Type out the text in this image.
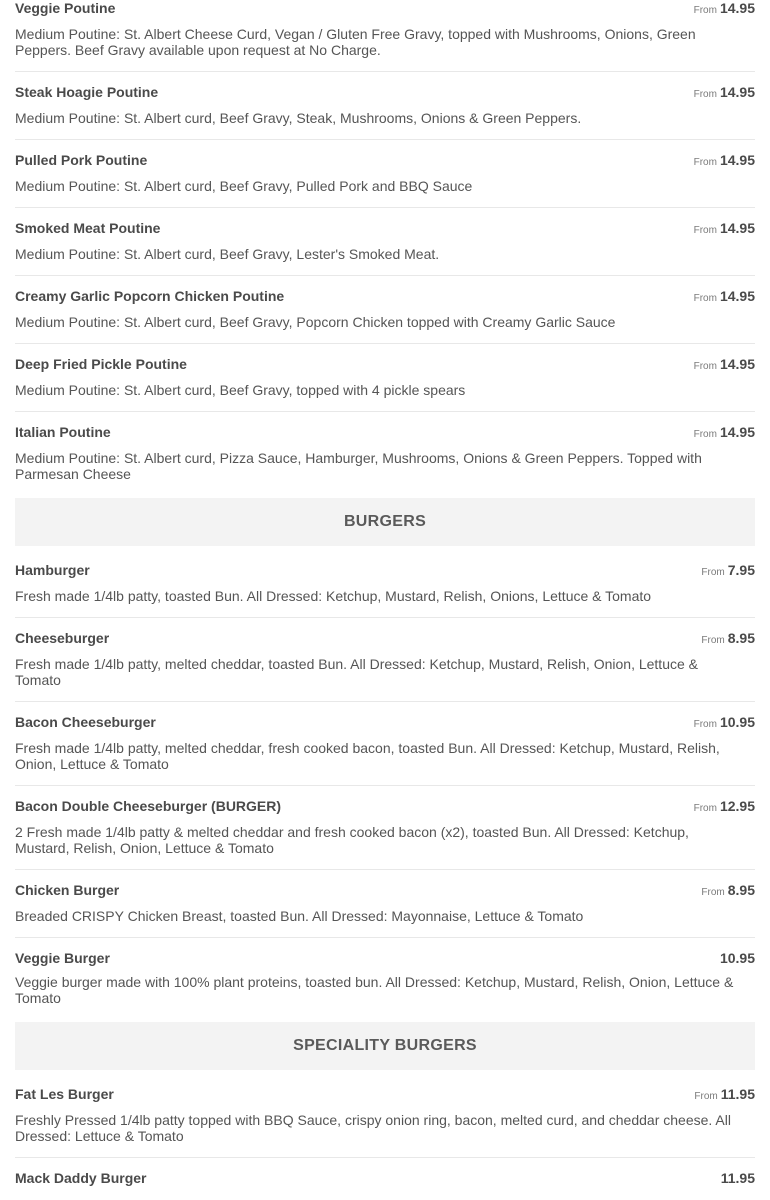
Veggie Poutine	From 14.95
Medium Poutine: St. Albert Cheese Curd, Vegan / Gluten Free Gravy, topped with Mushrooms, Onions, Green Peppers. Beef Gravy available upon request at No Charge.
Steak Hoagie Poutine	From 14.95
Medium Poutine: St. Albert curd, Beef Gravy, Steak, Mushrooms, Onions & Green Peppers.
Pulled Pork Poutine	From 14.95
Medium Poutine: St. Albert curd, Beef Gravy, Pulled Pork and BBQ Sauce
Smoked Meat Poutine	From 14.95
Medium Poutine: St. Albert curd, Beef Gravy, Lester's Smoked Meat.
Creamy Garlic Popcorn Chicken Poutine	From 14.95
Medium Poutine: St. Albert curd, Beef Gravy, Popcorn Chicken topped with Creamy Garlic Sauce
Deep Fried Pickle Poutine	From 14.95
Medium Poutine: St. Albert curd, Beef Gravy, topped with 4 pickle spears
Italian Poutine	From 14.95
Medium Poutine: St. Albert curd, Pizza Sauce, Hamburger, Mushrooms, Onions & Green Peppers. Topped with Parmesan Cheese
BURGERS
Hamburger	From 7.95
Fresh made 1/4lb patty, toasted Bun. All Dressed: Ketchup, Mustard, Relish, Onions, Lettuce & Tomato
Cheeseburger	From 8.95
Fresh made 1/4lb patty, melted cheddar, toasted Bun. All Dressed: Ketchup, Mustard, Relish, Onion, Lettuce & Tomato
Bacon Cheeseburger	From 10.95
Fresh made 1/4lb patty, melted cheddar, fresh cooked bacon, toasted Bun. All Dressed: Ketchup, Mustard, Relish, Onion, Lettuce & Tomato
Bacon Double Cheeseburger (BURGER)	From 12.95
2 Fresh made 1/4lb patty & melted cheddar and fresh cooked bacon (x2), toasted Bun. All Dressed: Ketchup, Mustard, Relish, Onion, Lettuce & Tomato
Chicken Burger	From 8.95
Breaded CRISPY Chicken Breast, toasted Bun. All Dressed: Mayonnaise, Lettuce & Tomato
Veggie Burger	10.95
Veggie burger made with 100% plant proteins, toasted bun. All Dressed: Ketchup, Mustard, Relish, Onion, Lettuce & Tomato
SPECIALITY BURGERS
Fat Les Burger	From 11.95
Freshly Pressed 1/4lb patty topped with BBQ Sauce, crispy onion ring, bacon, melted curd, and cheddar cheese. All Dressed: Lettuce & Tomato
Mack Daddy Burger	11.95
